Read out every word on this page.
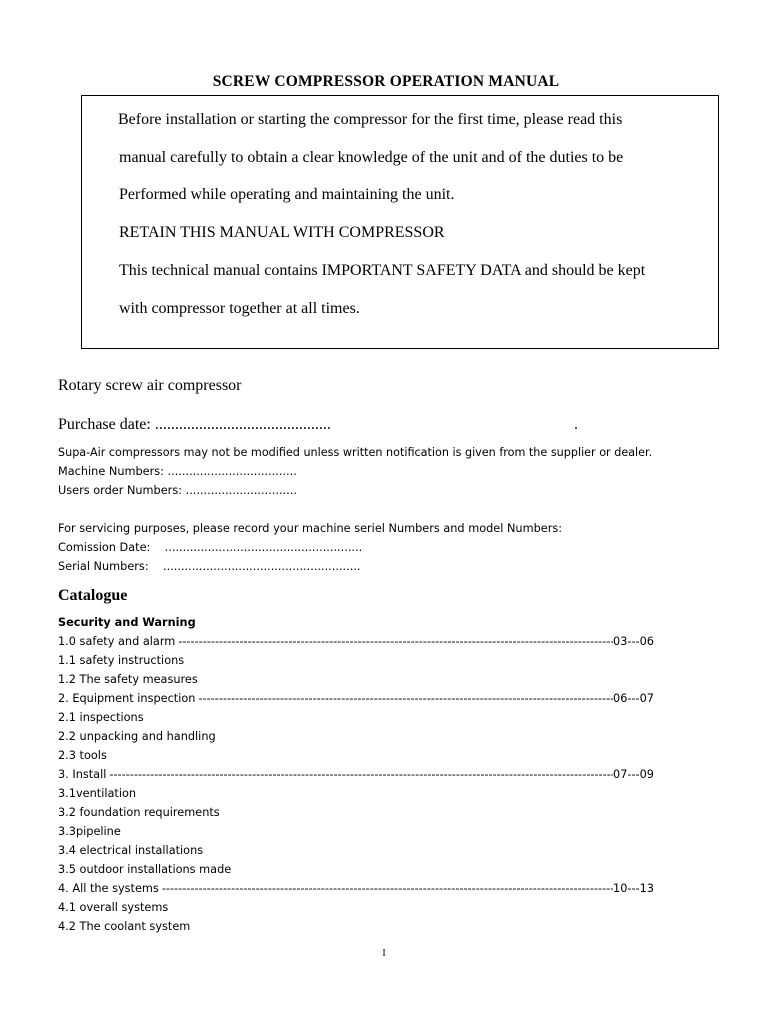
SCREW COMPRESSOR OPERATION MANUAL
Before installation or starting the compressor for the first time, please read this
manual carefully to obtain a clear knowledge of the unit and of the duties to be
Performed while operating and maintaining the unit.
RETAIN THIS MANUAL WITH COMPRESSOR
This technical manual contains IMPORTANT SAFETY DATA and should be kept
with compressor together at all times.
Rotary screw air compressor
Purchase date: ............................................	.
Supa-Air compressors may not be modified unless written notification is given from the supplier or dealer.
Machine Numbers: ....................................
Users order Numbers: ...............................
For servicing purposes, please record your machine seriel Numbers and model Numbers:
Comission Date:    .......................................................
Serial Numbers:    .......................................................
Catalogue
Security and Warning
1.0 safety and alarm -----	03---06
1.1 safety instructions
1.2 The safety measures
2. Equipment inspection -----	06---07
2.1 inspections
2.2 unpacking and handling
2.3 tools
3. Install -----	07---09
3.1ventilation
3.2 foundation requirements
3.3pipeline
3.4 electrical installations
3.5 outdoor installations made
4. All the systems -----	10---13
4.1 overall systems
4.2 The coolant system
I
